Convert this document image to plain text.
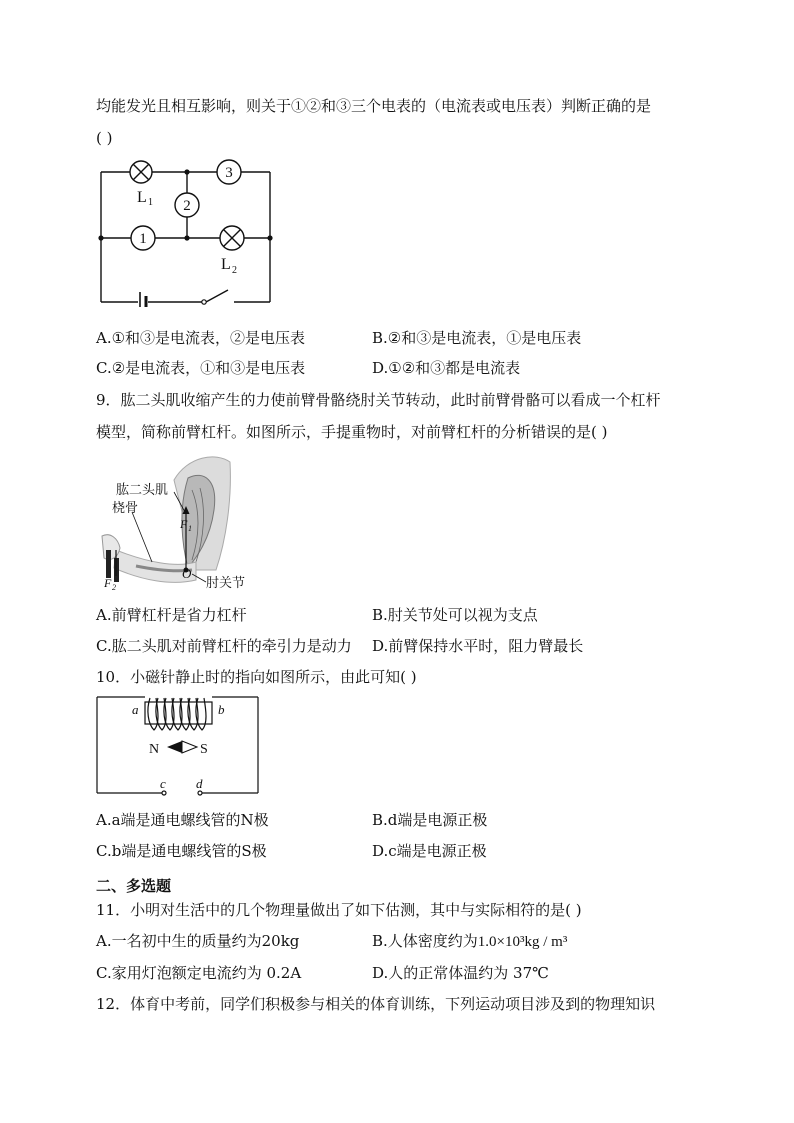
均能发光且相互影响，则关于①②和③三个电表的（电流表或电压表）判断正确的是
( )
3
2
1
L 1
L 2
A.①和③是电流表，②是电压表	B.②和③是电流表，①是电压表
C.②是电流表，①和③是电压表	D.①②和③都是电流表
9．肱二头肌收缩产生的力使前臂骨骼绕肘关节转动，此时前臂骨骼可以看成一个杠杆
模型，简称前臂杠杆。如图所示，手提重物时，对前臂杠杆的分析错误的是( )
肱二头肌
桡骨
肘关节
F 1
F 2
O
A.前臂杠杆是省力杠杆	B.肘关节处可以视为支点
C.肱二头肌对前臂杠杆的牵引力是动力 D.前臂保持水平时，阻力臂最长
10．小磁针静止时的指向如图所示，由此可知( )
N	S
a	b
c d
A.a端是通电螺线管的N极	B.d端是电源正极
C.b端是通电螺线管的S极	D.c端是电源正极
二、多选题
11．小明对生活中的几个物理量做出了如下估测，其中与实际相符的是( )
A.一名初中生的质量约为20kg	B.人体密度约为1.0×10³kg / m³
C.家用灯泡额定电流约为 0.2A	D.人的正常体温约为 37℃
12．体育中考前，同学们积极参与相关的体育训练，下列运动项目涉及到的物理知识
